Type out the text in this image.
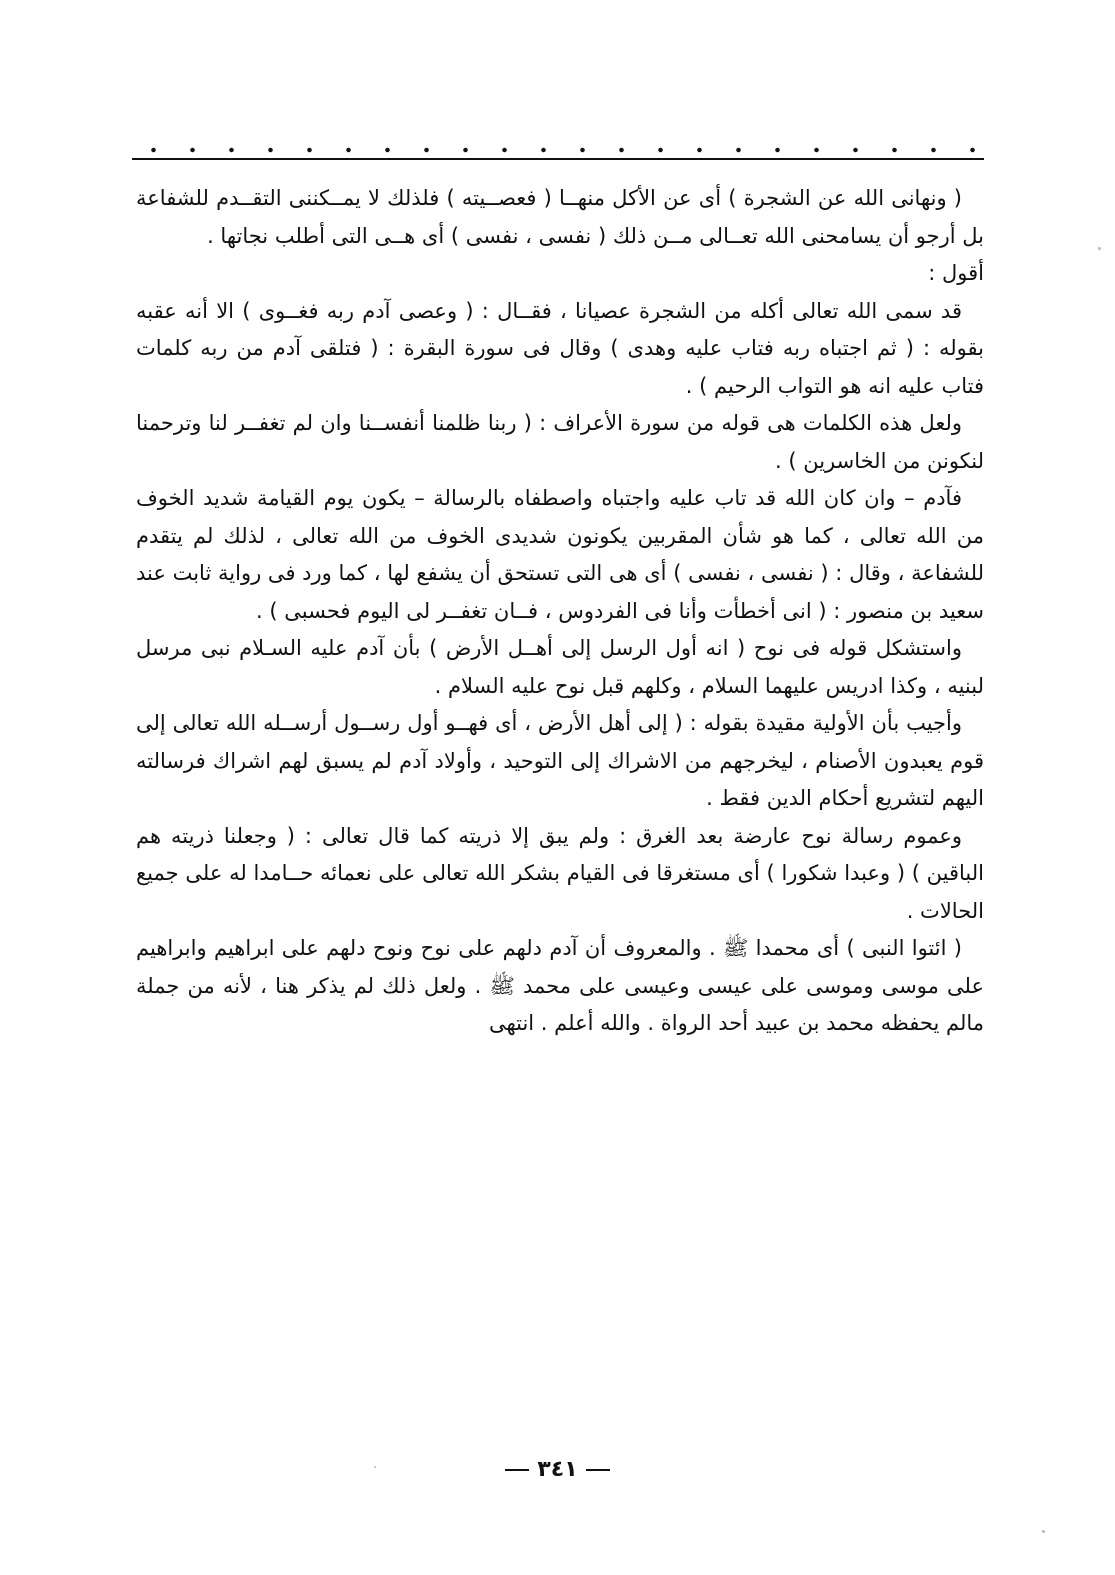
( ونهانى الله عن الشجرة ) أى عن الأكل منهــا ( فعصــيته ) فلذلك لا يمــكننى التقــدم للشفاعة بل أرجو أن يسامحنى الله تعــالى مــن ذلك ( نفسى ، نفسى ) أى هــى التى أطلب نجاتها .

أقول :

قد سمى الله تعالى أكله من الشجرة عصيانا ، فقــال : ( وعصى آدم ربه فغــوى ) الا أنه عقبه بقوله : ( ثم اجتباه ربه فتاب عليه وهدى ) وقال فى سورة البقرة : ( فتلقى آدم من ربه كلمات فتاب عليه انه هو التواب الرحيم ) .

ولعل هذه الكلمات هى قوله من سورة الأعراف : ( ربنا ظلمنا أنفســنا وان لم تغفــر لنا وترحمنا لنكونن من الخاسرين ) .

فآدم – وان كان الله قد تاب عليه واجتباه واصطفاه بالرسالة – يكون يوم القيامة شديد الخوف من الله تعالى ، كما هو شأن المقربين يكونون شديدى الخوف من الله تعالى ، لذلك لم يتقدم للشفاعة ، وقال : ( نفسى ، نفسى ) أى هى التى تستحق أن يشفع لها ، كما ورد فى رواية ثابت عند سعيد بن منصور : ( انى أخطأت وأنا فى الفردوس ، فــان تغفــر لى اليوم فحسبى ) .

واستشكل قوله فى نوح ( انه أول الرسل إلى أهــل الأرض ) بأن آدم عليه السـلام نبى مرسل لبنيه ، وكذا ادريس عليهما السلام ، وكلهم قبل نوح عليه السلام .

وأجيب بأن الأولية مقيدة بقوله : ( إلى أهل الأرض ، أى فهــو أول رســول أرســله الله تعالى إلى قوم يعبدون الأصنام ، ليخرجهم من الاشراك إلى التوحيد ، وأولاد آدم لم يسبق لهم اشراك فرسالته اليهم لتشريع أحكام الدين فقط .

وعموم رسالة نوح عارضة بعد الغرق : ولم يبق إلا ذريته كما قال تعالى : ( وجعلنا ذريته هم الباقين ) ( وعبدا شكورا ) أى مستغرقا فى القيام بشكر الله تعالى على نعمائه حــامدا له على جميع الحالات .

( ائتوا النبى ) أى محمدا ﷺ . والمعروف أن آدم دلهم على نوح ونوح دلهم على ابراهيم وابراهيم على موسى وموسى على عيسى وعيسى على محمد ﷺ . ولعل ذلك لم يذكر هنا ، لأنه من جملة مالم يحفظه محمد بن عبيد أحد الرواة . والله أعلم . انتهى

٣٤١
